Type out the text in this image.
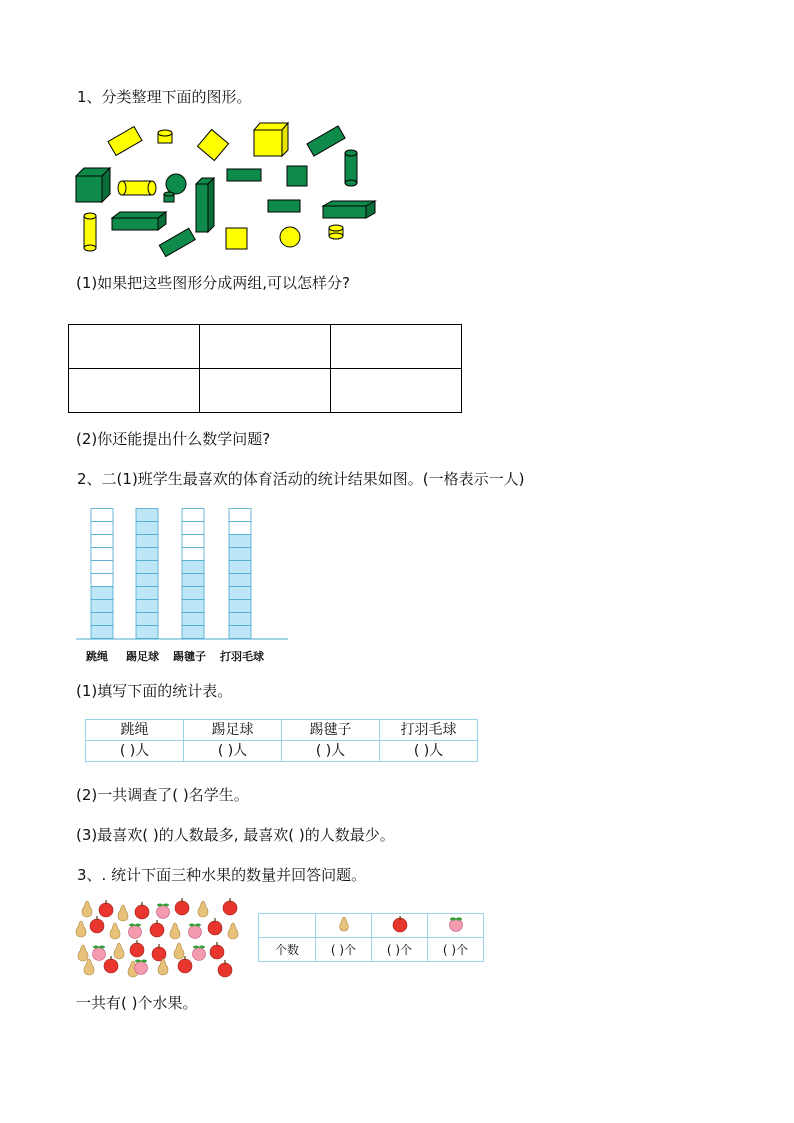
1、分类整理下面的图形。
(1)如果把这些图形分成两组,可以怎样分?

(2)你还能提出什么数学问题?
2、二(1)班学生最喜欢的体育活动的统计结果如图。(一格表示一人)
跳绳 踢足球 踢毽子 打羽毛球
(1)填写下面的统计表。
跳绳	踢足球	踢毽子	打羽毛球
( )人	( )人	( )人	( )人
(2)一共调查了( )名学生。
(3)最喜欢( )的人数最多, 最喜欢( )的人数最少。
3、. 统计下面三种水果的数量并回答问题。

个数	( )个	( )个	( )个
一共有( )个水果。
